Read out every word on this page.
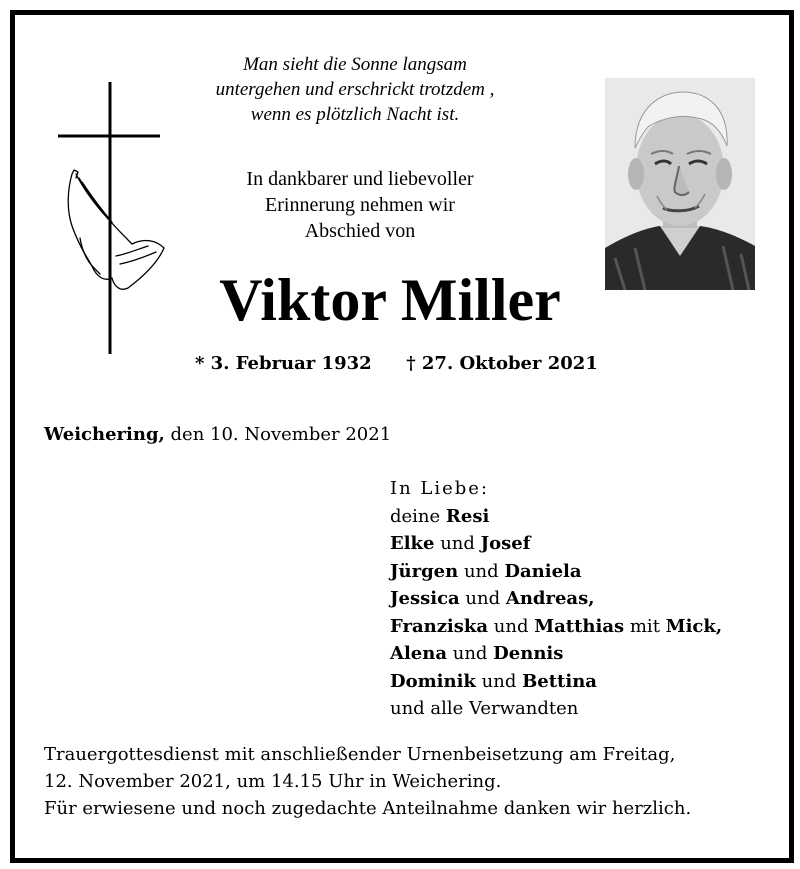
Man sieht die Sonne langsam
untergehen und erschrickt trotzdem ,
wenn es plötzlich Nacht ist.
In dankbarer und liebevoller
Erinnerung nehmen wir
Abschied von
Viktor Miller
* 3. Februar 1932 † 27. Oktober 2021
Weichering, den 10. November 2021
In Liebe:
deine Resi
Elke und Josef
Jürgen und Daniela
Jessica und Andreas,
Franziska und Matthias mit Mick,
Alena und Dennis
Dominik und Bettina
und alle Verwandten
Trauergottesdienst mit anschließender Urnenbeisetzung am Freitag,
12. November 2021, um 14.15 Uhr in Weichering.
Für erwiesene und noch zugedachte Anteilnahme danken wir herzlich.
